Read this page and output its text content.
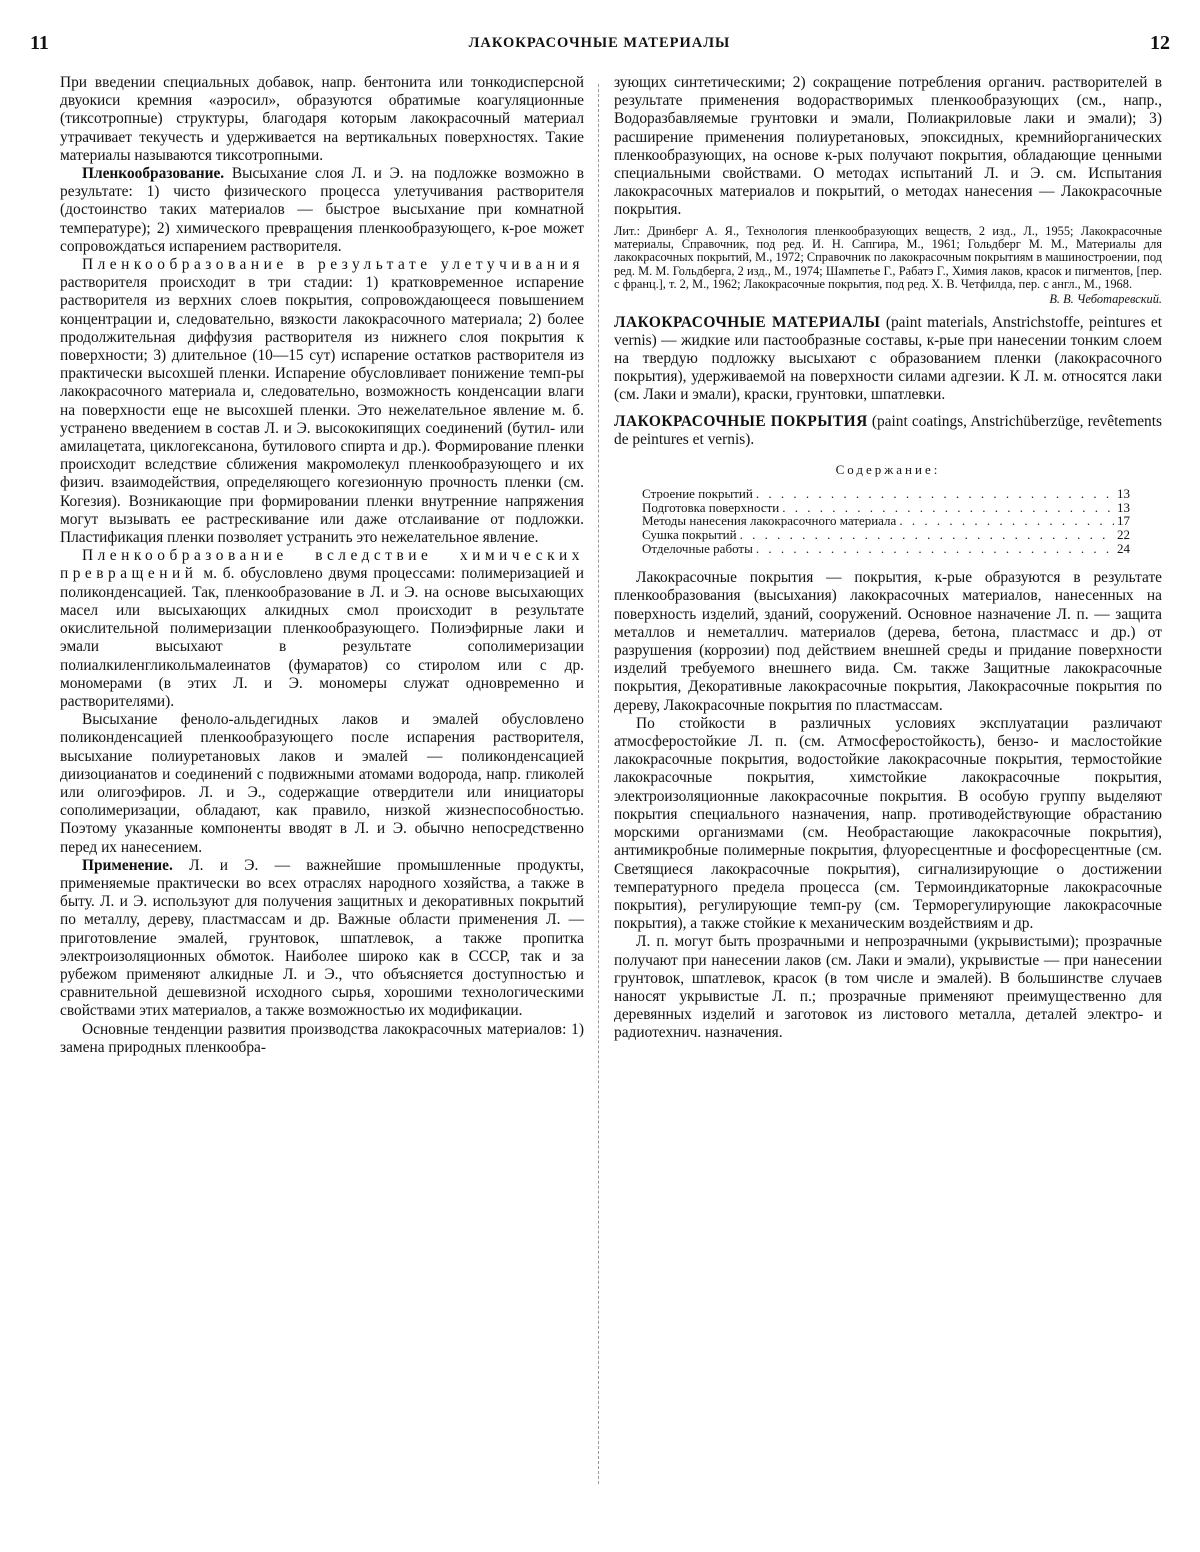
11	ЛАКОКРАСОЧНЫЕ МАТЕРИАЛЫ	12

При введении специальных добавок, напр. бентонита или тонкодисперсной двуокиси кремния «аэросил», образуются обратимые коагуляционные (тиксотропные) структуры, благодаря которым лакокрасочный материал утрачивает текучесть и удерживается на вертикальных поверхностях. Такие материалы называются тиксотропными.

Пленкообразование. Высыхание слоя Л. и Э. на подложке возможно в результате: 1) чисто физического процесса улетучивания растворителя (достоинство таких материалов — быстрое высыхание при комнатной температуре); 2) химического превращения пленкообразующего, к-рое может сопровождаться испарением растворителя.

Пленкообразование в результате улетучивания растворителя происходит в три стадии: 1) кратковременное испарение растворителя из верхних слоев покрытия, сопровождающееся повышением концентрации и, следовательно, вязкости лакокрасочного материала; 2) более продолжительная диффузия растворителя из нижнего слоя покрытия к поверхности; 3) длительное (10—15 сут) испарение остатков растворителя из практически высохшей пленки. Испарение обусловливает понижение темп-ры лакокрасочного материала и, следовательно, возможность конденсации влаги на поверхности еще не высохшей пленки. Это нежелательное явление м. б. устранено введением в состав Л. и Э. высококипящих соединений (бутил- или амилацетата, циклогексанона, бутилового спирта и др.). Формирование пленки происходит вследствие сближения макромолекул пленкообразующего и их физич. взаимодействия, определяющего когезионную прочность пленки (см. Когезия). Возникающие при формировании пленки внутренние напряжения могут вызывать ее растрескивание или даже отслаивание от подложки. Пластификация пленки позволяет устранить это нежелательное явление.

Пленкообразование вследствие химических превращений м. б. обусловлено двумя процессами: полимеризацией и поликонденсацией. Так, пленкообразование в Л. и Э. на основе высыхающих масел или высыхающих алкидных смол происходит в результате окислительной полимеризации пленкообразующего. Полиэфирные лаки и эмали высыхают в результате сополимеризации полиалкиленгликольмалеинатов (фумаратов) со стиролом или с др. мономерами (в этих Л. и Э. мономеры служат одновременно и растворителями).

Высыхание феноло-альдегидных лаков и эмалей обусловлено поликонденсацией пленкообразующего после испарения растворителя, высыхание полиуретановых лаков и эмалей — поликонденсацией диизоцианатов и соединений с подвижными атомами водорода, напр. гликолей или олигоэфиров. Л. и Э., содержащие отвердители или инициаторы сополимеризации, обладают, как правило, низкой жизнеспособностью. Поэтому указанные компоненты вводят в Л. и Э. обычно непосредственно перед их нанесением.

Применение. Л. и Э. — важнейшие промышленные продукты, применяемые практически во всех отраслях народного хозяйства, а также в быту. Л. и Э. используют для получения защитных и декоративных покрытий по металлу, дереву, пластмассам и др. Важные области применения Л. — приготовление эмалей, грунтовок, шпатлевок, а также пропитка электроизоляционных обмоток. Наиболее широко как в СССР, так и за рубежом применяют алкидные Л. и Э., что объясняется доступностью и сравнительной дешевизной исходного сырья, хорошими технологическими свойствами этих материалов, а также возможностью их модификации.

Основные тенденции развития производства лакокрасочных материалов: 1) замена природных пленкообра-

зующих синтетическими; 2) сокращение потребления органич. растворителей в результате применения водорастворимых пленкообразующих (см., напр., Водоразбавляемые грунтовки и эмали, Полиакриловые лаки и эмали); 3) расширение применения полиуретановых, эпоксидных, кремнийорганических пленкообразующих, на основе к-рых получают покрытия, обладающие ценными специальными свойствами. О методах испытаний Л. и Э. см. Испытания лакокрасочных материалов и покрытий, о методах нанесения — Лакокрасочные покрытия.

Лит.: Дринберг А. Я., Технология пленкообразующих веществ, 2 изд., Л., 1955; Лакокрасочные материалы, Справочник, под ред. И. Н. Сапгира, М., 1961; Гольдберг М. М., Материалы для лакокрасочных покрытий, М., 1972; Справочник по лакокрасочным покрытиям в машиностроении, под ред. М. М. Гольдберга, 2 изд., М., 1974; Шампетье Г., Рабатэ Г., Химия лаков, красок и пигментов, [пер. с франц.], т. 2, М., 1962; Лакокрасочные покрытия, под ред. Х. В. Четфилда, пер. с англ., М., 1968.

В. В. Чеботаревский.

ЛАКОКРАСОЧНЫЕ МАТЕРИАЛЫ (paint materials, Anstrichstoffe, peintures et vernis) — жидкие или пастообразные составы, к-рые при нанесении тонким слоем на твердую подложку высыхают с образованием пленки (лакокрасочного покрытия), удерживаемой на поверхности силами адгезии. К Л. м. относятся лаки (см. Лаки и эмали), краски, грунтовки, шпатлевки.

ЛАКОКРАСОЧНЫЕ ПОКРЫТИЯ (paint coatings, Anstrichüberzüge, revêtements de peintures et vernis).

Содержание:

Строение покрытий . . .	13
Подготовка поверхности . . .	13
Методы нанесения лакокрасочного материала . . .	17
Сушка покрытий . . .	22
Отделочные работы . . .	24

Лакокрасочные покрытия — покрытия, к-рые образуются в результате пленкообразования (высыхания) лакокрасочных материалов, нанесенных на поверхность изделий, зданий, сооружений. Основное назначение Л. п. — защита металлов и неметаллич. материалов (дерева, бетона, пластмасс и др.) от разрушения (коррозии) под действием внешней среды и придание поверхности изделий требуемого внешнего вида. См. также Защитные лакокрасочные покрытия, Декоративные лакокрасочные покрытия, Лакокрасочные покрытия по дереву, Лакокрасочные покрытия по пластмассам.

По стойкости в различных условиях эксплуатации различают атмосферостойкие Л. п. (см. Атмосферостойкость), бензо- и маслостойкие лакокрасочные покрытия, водостойкие лакокрасочные покрытия, термостойкие лакокрасочные покрытия, химстойкие лакокрасочные покрытия, электроизоляционные лакокрасочные покрытия. В особую группу выделяют покрытия специального назначения, напр. противодействующие обрастанию морскими организмами (см. Необрастающие лакокрасочные покрытия), антимикробные полимерные покрытия, флуоресцентные и фосфоресцентные (см. Светящиеся лакокрасочные покрытия), сигнализирующие о достижении температурного предела процесса (см. Термоиндикаторные лакокрасочные покрытия), регулирующие темп-ру (см. Терморегулирующие лакокрасочные покрытия), а также стойкие к механическим воздействиям и др.

Л. п. могут быть прозрачными и непрозрачными (укрывистыми); прозрачные получают при нанесении лаков (см. Лаки и эмали), укрывистые — при нанесении грунтовок, шпатлевок, красок (в том числе и эмалей). В большинстве случаев наносят укрывистые Л. п.; прозрачные применяют преимущественно для деревянных изделий и заготовок из листового металла, деталей электро- и радиотехнич. назначения.
